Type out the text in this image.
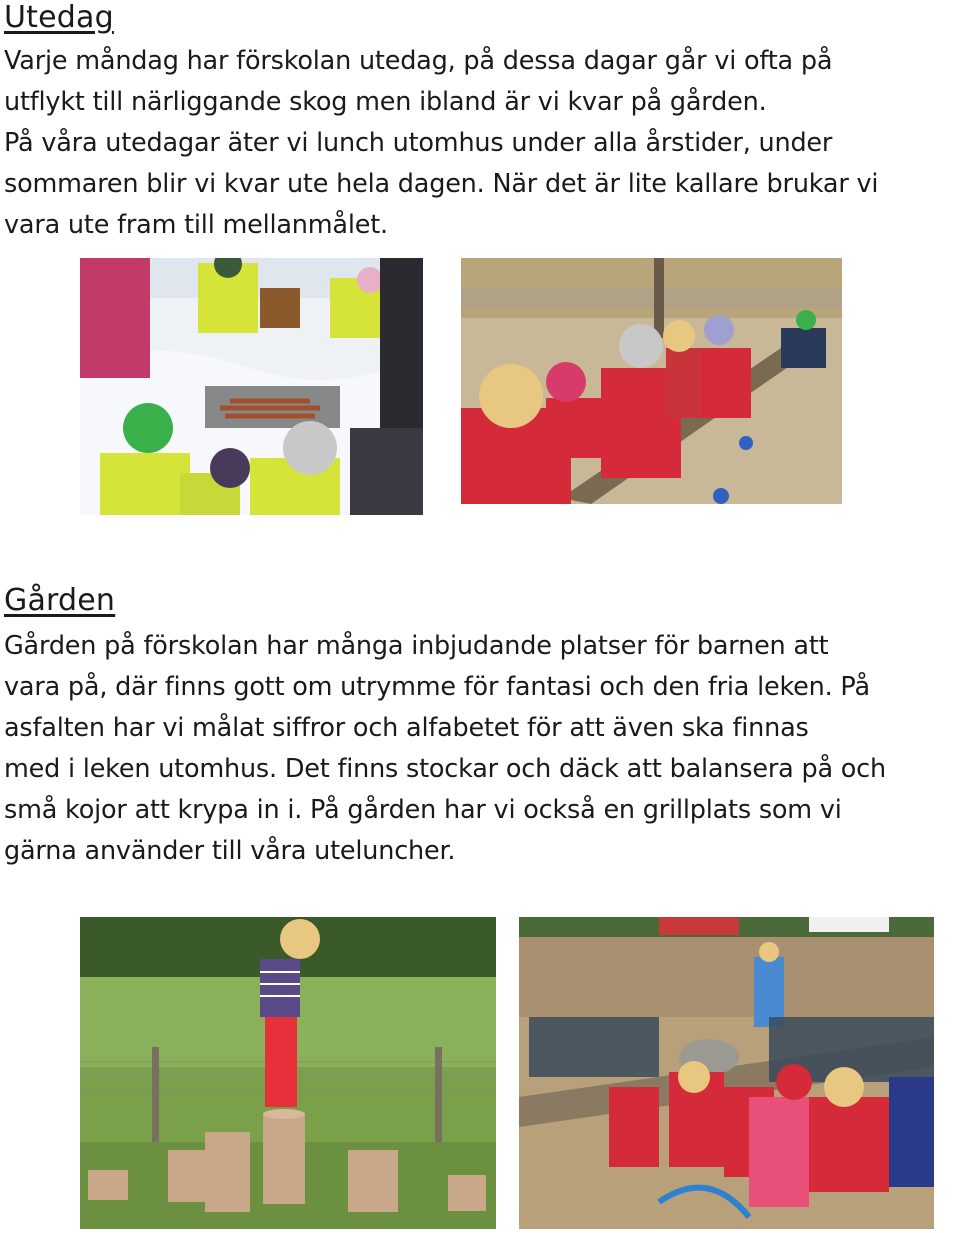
Utedag

Varje måndag har förskolan utedag, på dessa dagar går vi ofta på
utflykt till närliggande skog men ibland är vi kvar på gården.
På våra utedagar äter vi lunch utomhus under alla årstider, under
sommaren blir vi kvar ute hela dagen. När det är lite kallare brukar vi
vara ute fram till mellanmålet.

Gården

Gården på förskolan har många inbjudande platser för barnen att
vara på, där finns gott om utrymme för fantasi och den fria leken. På
asfalten har vi målat siffror och alfabetet för att även ska finnas
med i leken utomhus. Det finns stockar och däck att balansera på och
små kojor att krypa in i. På gården har vi också en grillplats som vi
gärna använder till våra uteluncher.
